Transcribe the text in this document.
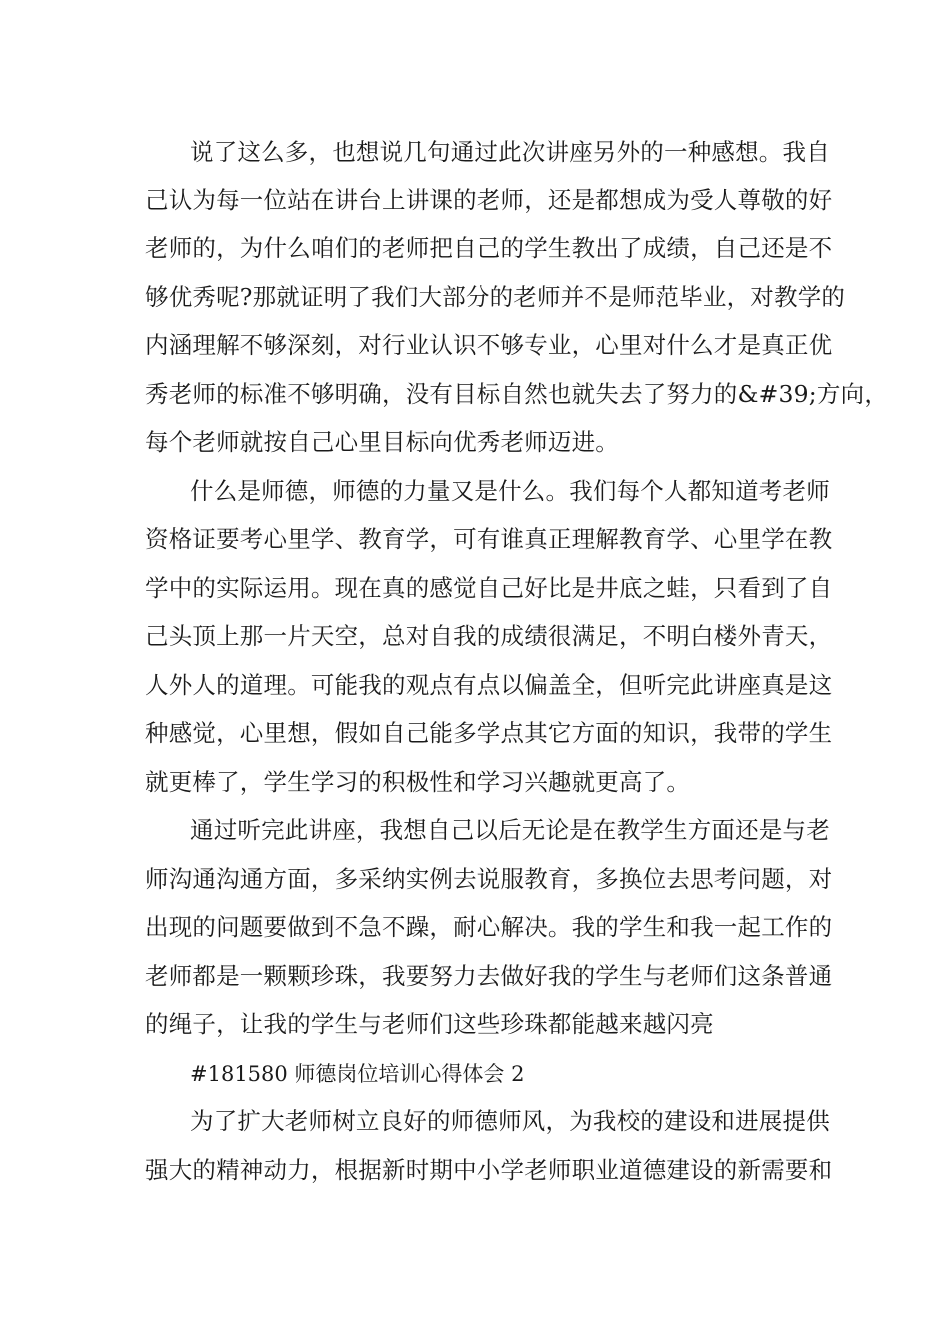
说了这么多，也想说几句通过此次讲座另外的一种感想。我自
己认为每一位站在讲台上讲课的老师，还是都想成为受人尊敬的好
老师的，为什么咱们的老师把自己的学生教出了成绩，自己还是不
够优秀呢?那就证明了我们大部分的老师并不是师范毕业，对教学的
内涵理解不够深刻，对行业认识不够专业，心里对什么才是真正优
秀老师的标准不够明确，没有目标自然也就失去了努力的&#39;方向，
每个老师就按自己心里目标向优秀老师迈进。
什么是师德，师德的力量又是什么。我们每个人都知道考老师
资格证要考心里学、教育学，可有谁真正理解教育学、心里学在教
学中的实际运用。现在真的感觉自己好比是井底之蛙，只看到了自
己头顶上那一片天空，总对自我的成绩很满足，不明白楼外青天，
人外人的道理。可能我的观点有点以偏盖全，但听完此讲座真是这
种感觉，心里想，假如自己能多学点其它方面的知识，我带的学生
就更棒了，学生学习的积极性和学习兴趣就更高了。
通过听完此讲座，我想自己以后无论是在教学生方面还是与老
师沟通沟通方面，多采纳实例去说服教育，多换位去思考问题，对
出现的问题要做到不急不躁，耐心解决。我的学生和我一起工作的
老师都是一颗颗珍珠，我要努力去做好我的学生与老师们这条普通
的绳子，让我的学生与老师们这些珍珠都能越来越闪亮
#181580 师德岗位培训心得体会 2
为了扩大老师树立良好的师德师风，为我校的建设和进展提供
强大的精神动力，根据新时期中小学老师职业道德建设的新需要和
